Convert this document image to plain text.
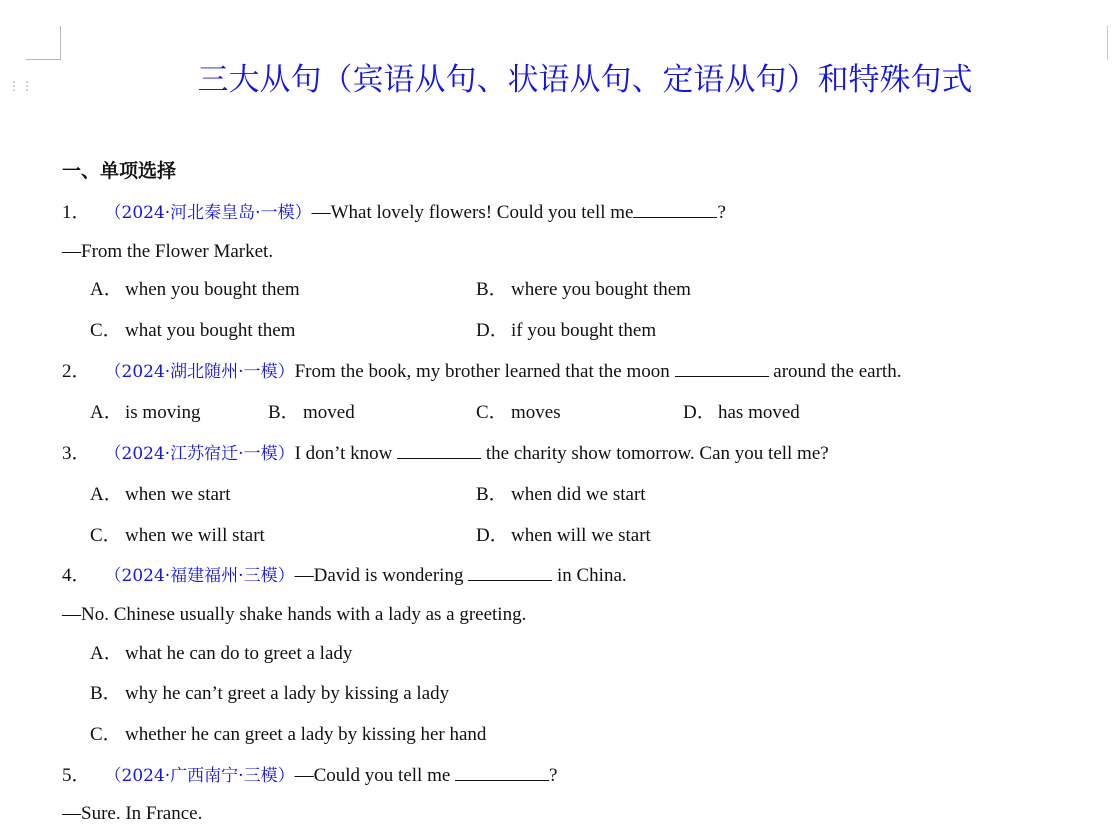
⋮⋮	三大从句（宾语从句、状语从句、定语从句）和特殊句式
一、单项选择
1． （2024·河北秦皇岛·一模）—What lovely flowers! Could you tell me	?
—From the Flower Market.
A． when you bought them	B． where you bought them
C． what you bought them	D． if you bought them
2． （2024·湖北随州·一模）From the book, my brother learned that the moon	around the earth.
A． is moving	B． moved	C． moves	D． has moved
3． （2024·江苏宿迁·一模）I don’t know	the charity show tomorrow. Can you tell me?
A． when we start	B． when did we start
C． when we will start	D． when will we start
4． （2024·福建福州·三模）—David is wondering	in China.
—No. Chinese usually shake hands with a lady as a greeting.
A． what he can do to greet a lady
B． why he can’t greet a lady by kissing a lady
C． whether he can greet a lady by kissing her hand
5． （2024·广西南宁·三模）—Could you tell me	?
—Sure. In France.
